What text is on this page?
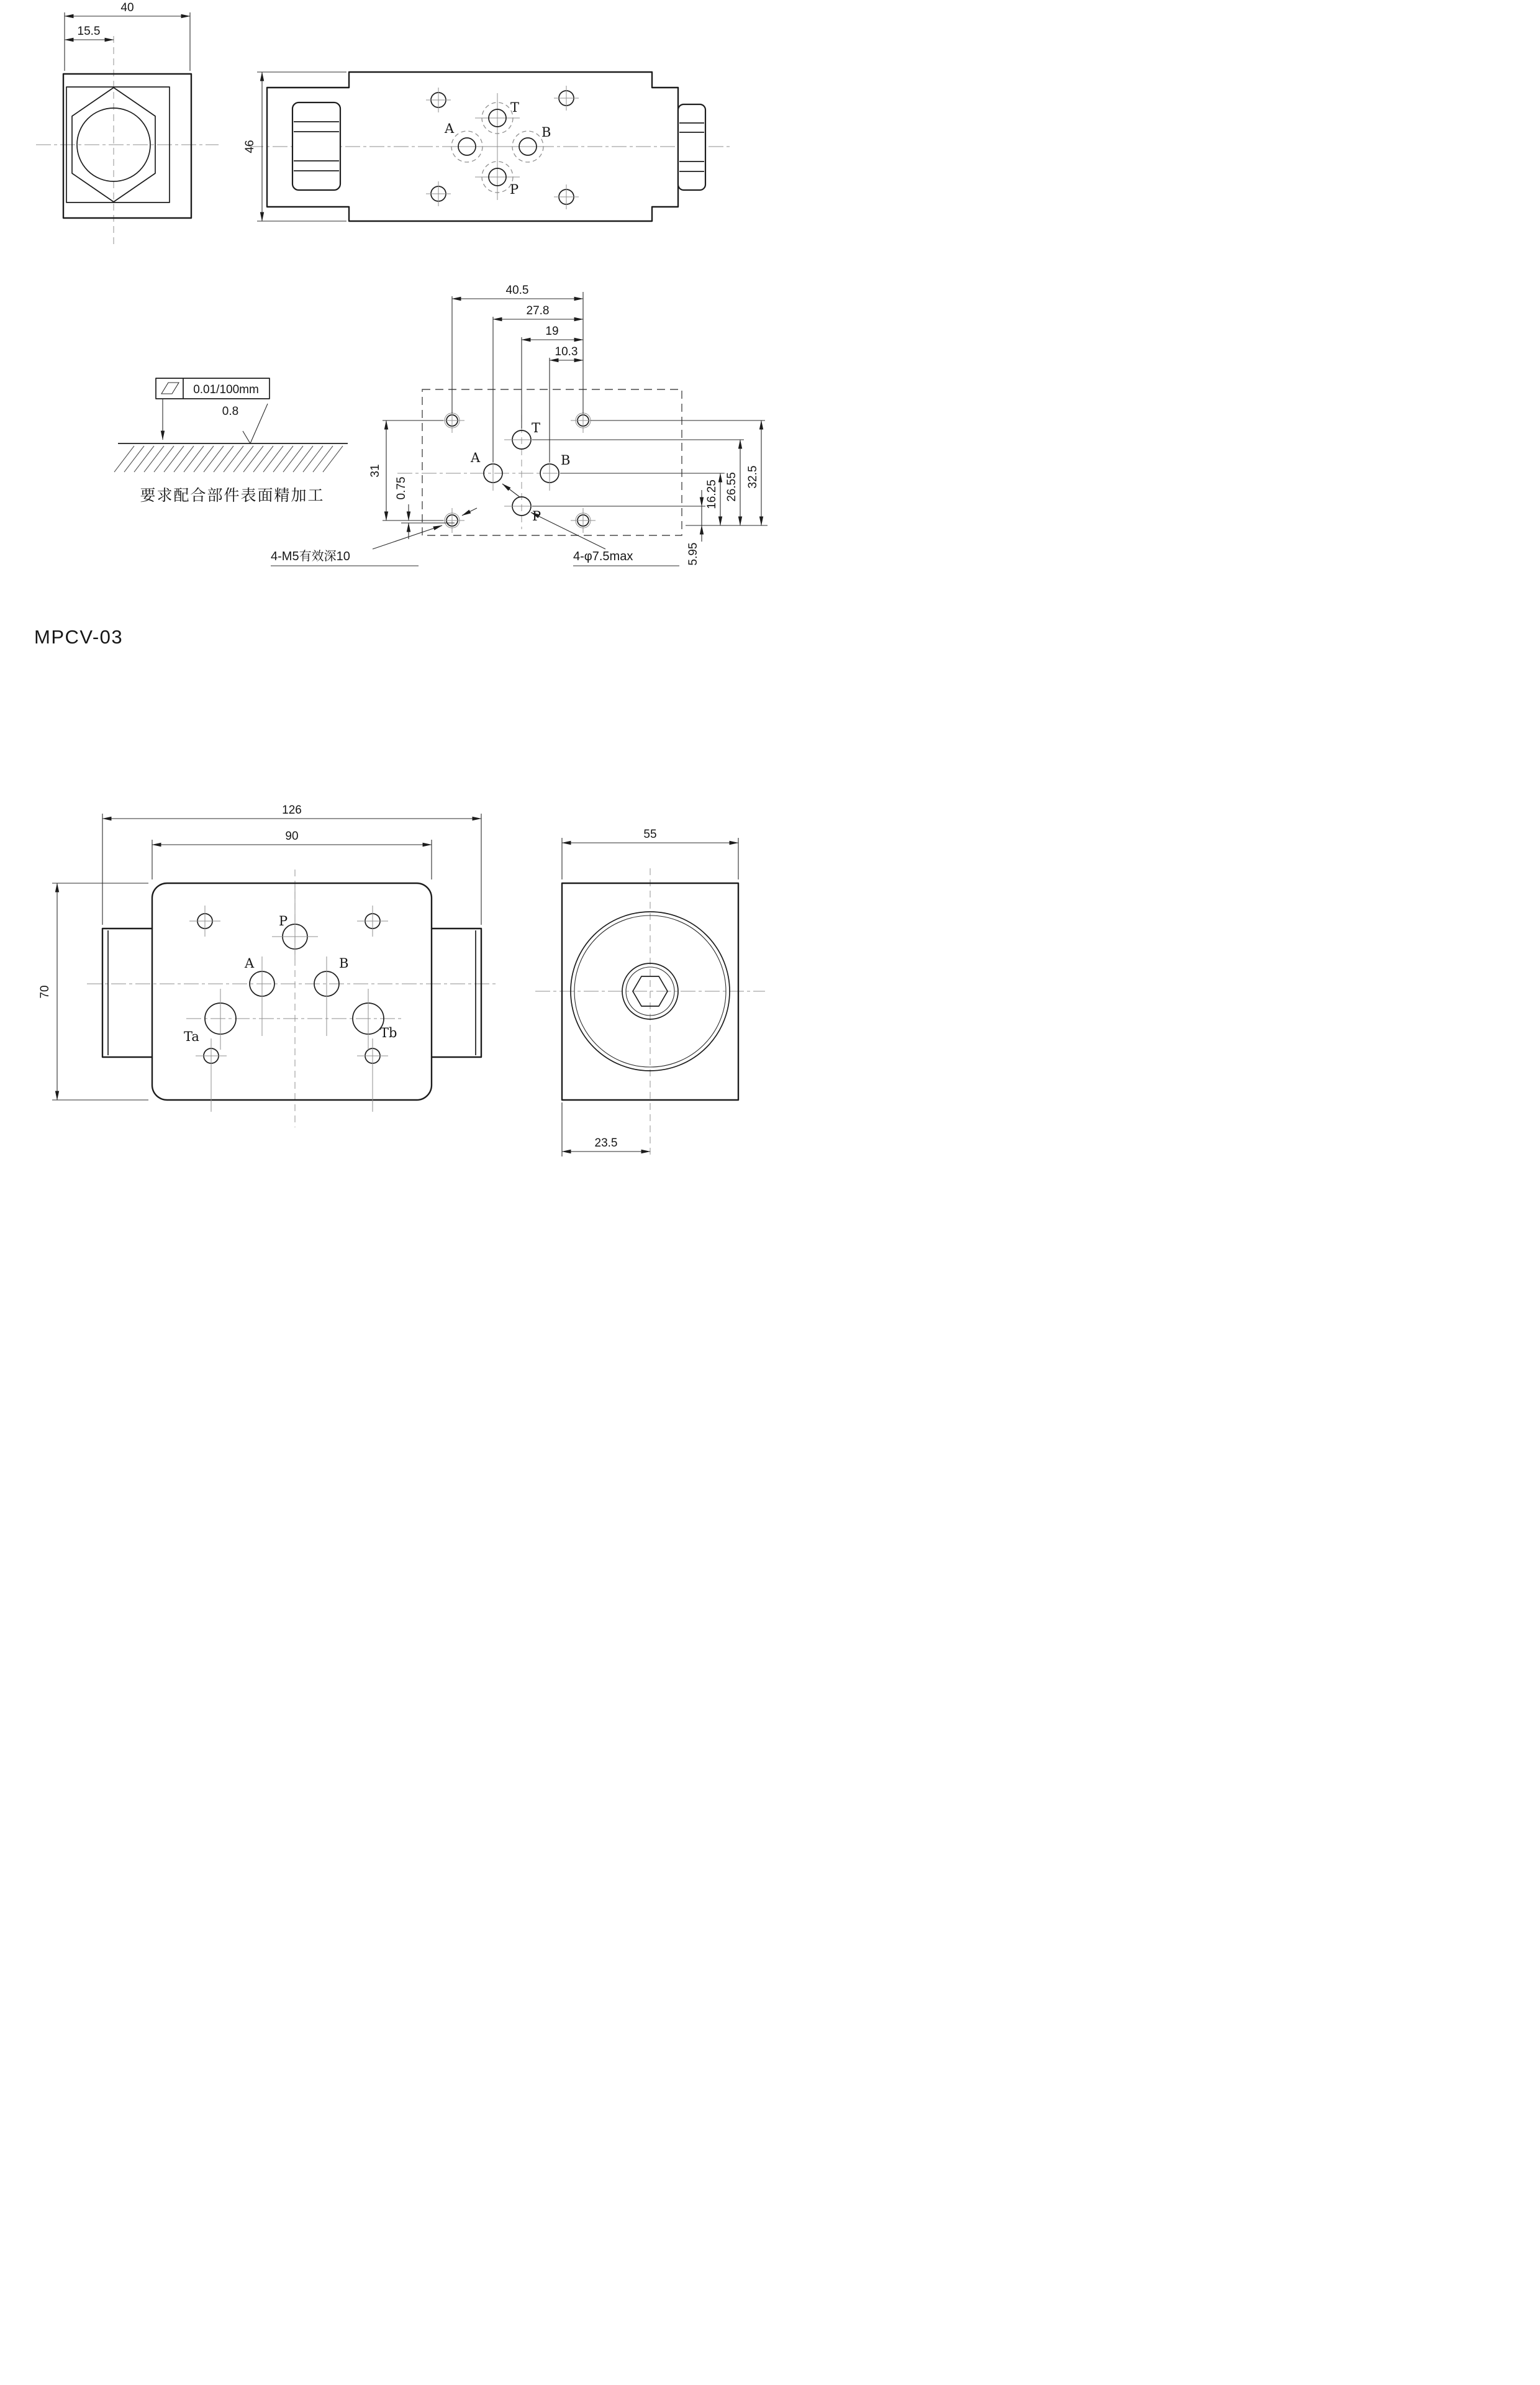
40
15.5
T
A	B
P
46
T
A	B
P
40.5
27.8
19
10.3
31
0.75
5.95
16.25 26.55 32.5
4-M5有效深10	4-φ7.5max
0.01/100mm
0.8
要求配合部件表面精加工
MPCV-03
P
A	B
Ta	Tb
126
90
70
55
23.5
